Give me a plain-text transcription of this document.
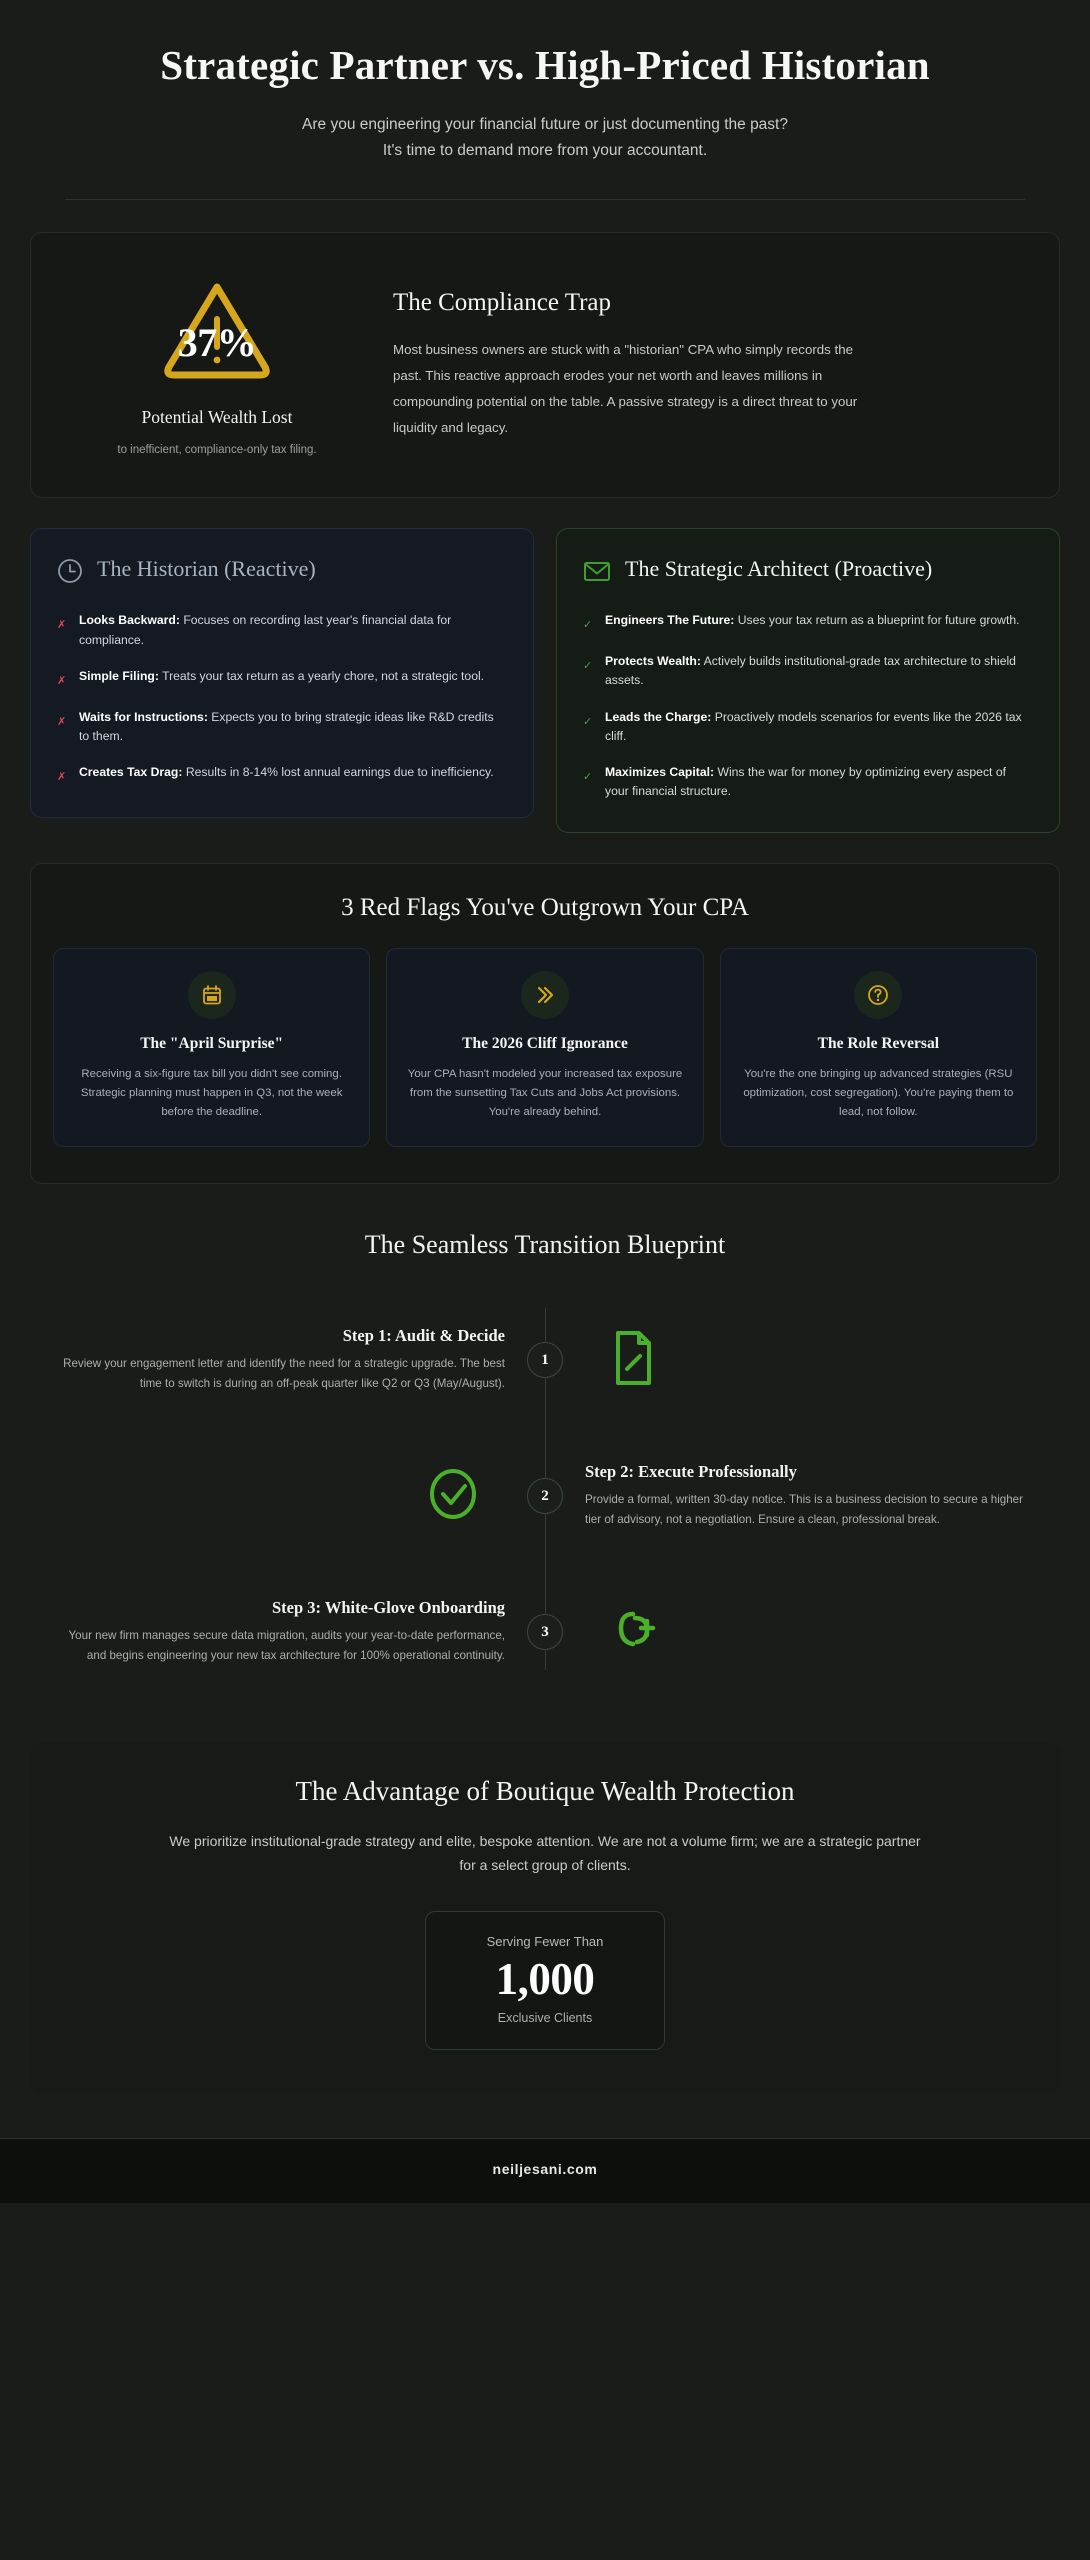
Strategic Partner vs. High-Priced Historian
Are you engineering your financial future or just documenting the past?
It's time to demand more from your accountant.
37%
Potential Wealth Lost
to inefficient, compliance-only tax filing.
The Compliance Trap

Most business owners are stuck with a "historian" CPA who simply records the past. This reactive approach erodes your net worth and leaves millions in compounding potential on the table. A passive strategy is a direct threat to your liquidity and legacy.

The Historian (Reactive)
✗ Looks Backward: Focuses on recording last year's financial data for compliance.
✗ Simple Filing: Treats your tax return as a yearly chore, not a strategic tool.
✗ Waits for Instructions: Expects you to bring strategic ideas like R&D credits to them.
✗ Creates Tax Drag: Results in 8-14% lost annual earnings due to inefficiency.
The Strategic Architect (Proactive)
✓ Engineers The Future: Uses your tax return as a blueprint for future growth.
✓ Protects Wealth: Actively builds institutional-grade tax architecture to shield assets.
✓ Leads the Charge: Proactively models scenarios for events like the 2026 tax cliff.
✓ Maximizes Capital: Wins the war for money by optimizing every aspect of your financial structure.
3 Red Flags You've Outgrown Your CPA
The "April Surprise"

Receiving a six-figure tax bill you didn't see coming. Strategic planning must happen in Q3, not the week before the deadline.

The 2026 Cliff Ignorance

Your CPA hasn't modeled your increased tax exposure from the sunsetting Tax Cuts and Jobs Act provisions. You're already behind.

The Role Reversal

You're the one bringing up advanced strategies (RSU optimization, cost segregation). You're paying them to lead, not follow.

The Seamless Transition Blueprint
Step 1: Audit & Decide

Review your engagement letter and identify the need for a strategic upgrade. The best time to switch is during an off-peak quarter like Q2 or Q3 (May/August).

1
2
Step 2: Execute Professionally

Provide a formal, written 30-day notice. This is a business decision to secure a higher tier of advisory, not a negotiation. Ensure a clean, professional break.

Step 3: White-Glove Onboarding

Your new firm manages secure data migration, audits your year-to-date performance, and begins engineering your new tax architecture for 100% operational continuity.

3
The Advantage of Boutique Wealth Protection

We prioritize institutional-grade strategy and elite, bespoke attention. We are not a volume firm; we are a strategic partner for a select group of clients.

Serving Fewer Than
1,000
Exclusive Clients
neiljesani.com
